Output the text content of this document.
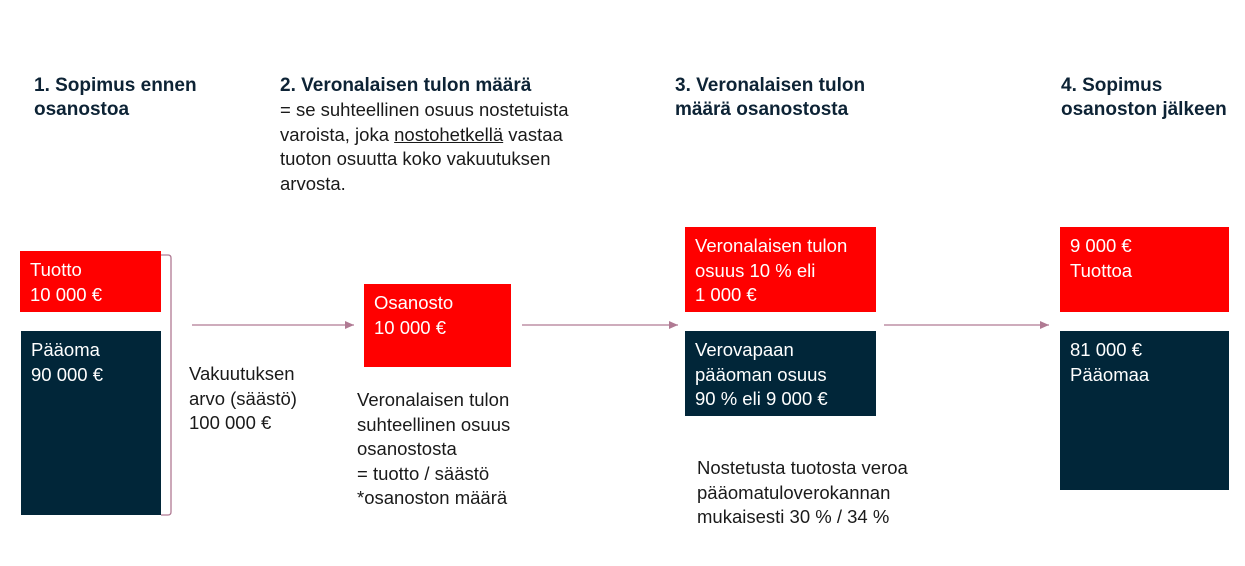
1. Sopimus ennen
osanostoa
Tuotto
10 000 €
Pääoma
90 000 €	Vakuutuksen
arvo (säästö)
100 000 €
2. Veronalaisen tulon määrä
= se suhteellinen osuus nostetuista
varoista, joka nostohetkellä vastaa
tuoton osuutta koko vakuutuksen
arvosta.
Osanosto
10 000 €
Veronalaisen tulon
suhteellinen osuus
osanostosta
= tuotto / säästö
*osanoston määrä
3. Veronalaisen tulon
määrä osanostosta
Veronalaisen tulon
osuus 10 % eli
1 000 €
Verovapaan
pääoman osuus
90 % eli 9 000 €
Nostetusta tuotosta veroa
pääomatuloverokannan
mukaisesti 30 % / 34 %
4. Sopimus
osanoston jälkeen
9 000 €
Tuottoa
81 000 €
Pääomaa
